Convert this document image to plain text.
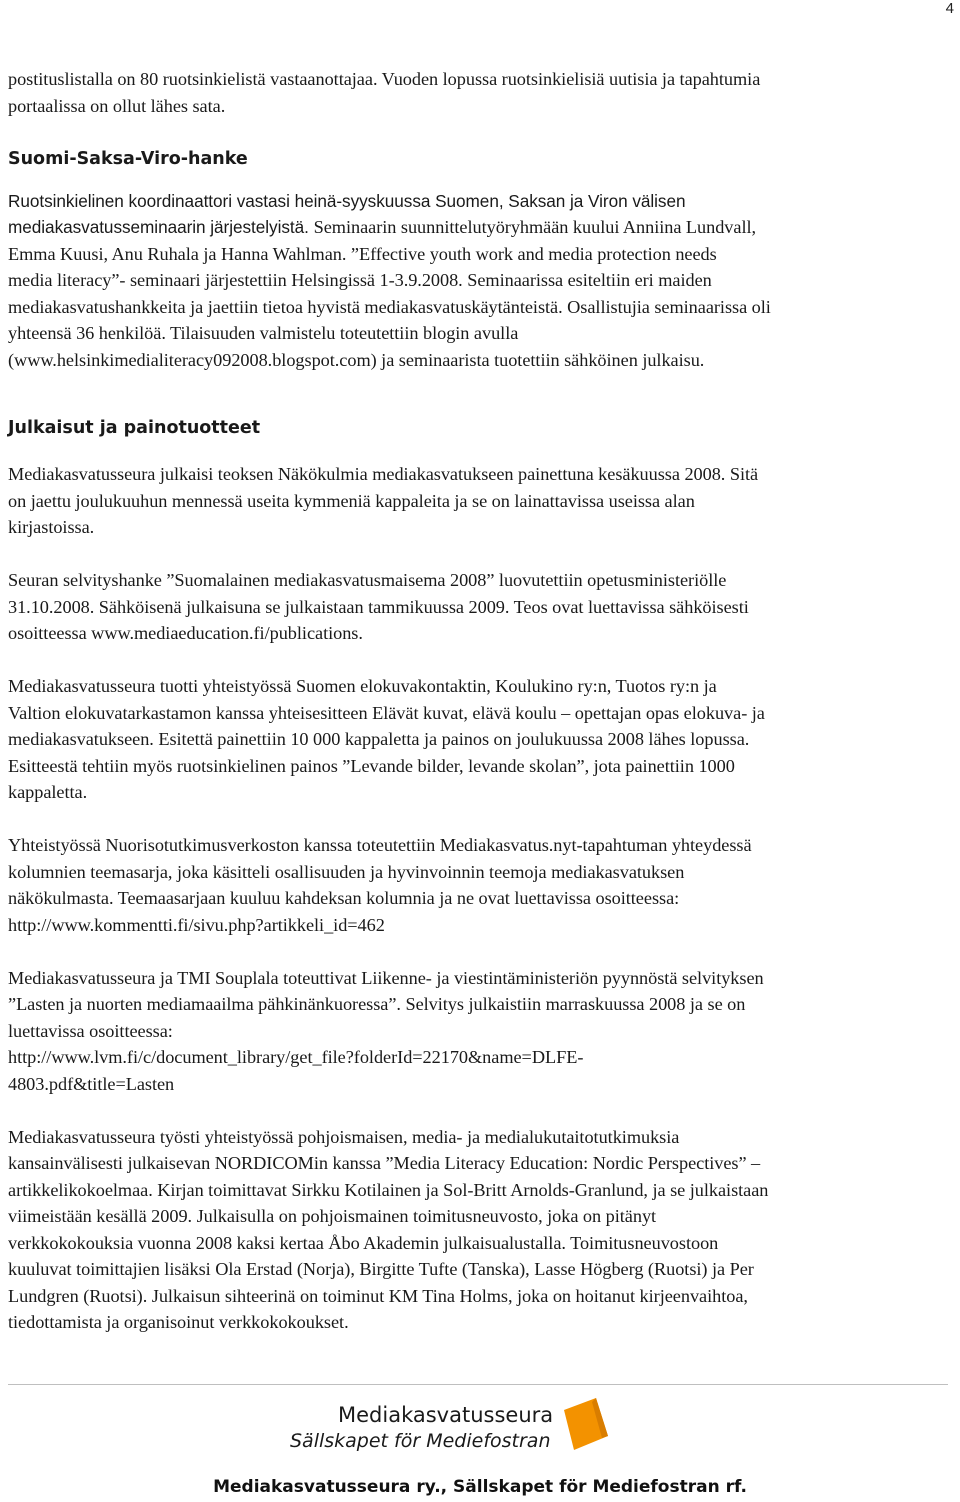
4
postituslistalla on 80 ruotsinkielistä vastaanottajaa. Vuoden lopussa ruotsinkielisiä uutisia ja tapahtumia
portaalissa on ollut lähes sata.
Suomi-Saksa-Viro-hanke
Ruotsinkielinen koordinaattori vastasi heinä-syyskuussa Suomen, Saksan ja Viron välisen
mediakasvatusseminaarin järjestelyistä. Seminaarin suunnittelutyöryhmään kuului Anniina Lundvall,
Emma Kuusi, Anu Ruhala ja Hanna Wahlman. ”Effective youth work and media protection needs
media literacy”- seminaari järjestettiin Helsingissä 1-3.9.2008. Seminaarissa esiteltiin eri maiden
mediakasvatushankkeita ja jaettiin tietoa hyvistä mediakasvatuskäytänteistä. Osallistujia seminaarissa oli
yhteensä 36 henkilöä. Tilaisuuden valmistelu toteutettiin blogin avulla
(www.helsinkimedialiteracy092008.blogspot.com) ja seminaarista tuotettiin sähköinen julkaisu.
Julkaisut ja painotuotteet
Mediakasvatusseura julkaisi teoksen Näkökulmia mediakasvatukseen painettuna kesäkuussa 2008. Sitä
on jaettu joulukuuhun mennessä useita kymmeniä kappaleita ja se on lainattavissa useissa alan
kirjastoissa.
Seuran selvityshanke ”Suomalainen mediakasvatusmaisema 2008” luovutettiin opetusministeriölle
31.10.2008. Sähköisenä julkaisuna se julkaistaan tammikuussa 2009. Teos ovat luettavissa sähköisesti
osoitteessa www.mediaeducation.fi/publications.
Mediakasvatusseura tuotti yhteistyössä Suomen elokuvakontaktin, Koulukino ry:n, Tuotos ry:n ja
Valtion elokuvatarkastamon kanssa yhteisesitteen Elävät kuvat, elävä koulu – opettajan opas elokuva- ja
mediakasvatukseen. Esitettä painettiin 10 000 kappaletta ja painos on joulukuussa 2008 lähes lopussa.
Esitteestä tehtiin myös ruotsinkielinen painos ”Levande bilder, levande skolan”, jota painettiin 1000
kappaletta.
Yhteistyössä Nuorisotutkimusverkoston kanssa toteutettiin Mediakasvatus.nyt-tapahtuman yhteydessä
kolumnien teemasarja, joka käsitteli osallisuuden ja hyvinvoinnin teemoja mediakasvatuksen
näkökulmasta. Teemaasarjaan kuuluu kahdeksan kolumnia ja ne ovat luettavissa osoitteessa:
http://www.kommentti.fi/sivu.php?artikkeli_id=462
Mediakasvatusseura ja TMI Souplala toteuttivat Liikenne- ja viestintäministeriön pyynnöstä selvityksen
”Lasten ja nuorten mediamaailma pähkinänkuoressa”. Selvitys julkaistiin marraskuussa 2008 ja se on
luettavissa osoitteessa:
http://www.lvm.fi/c/document_library/get_file?folderId=22170&name=DLFE-
4803.pdf&title=Lasten
Mediakasvatusseura työsti yhteistyössä pohjoismaisen, media- ja medialukutaitotutkimuksia
kansainvälisesti julkaisevan NORDICOMin kanssa ”Media Literacy Education: Nordic Perspectives” –
artikkelikokoelmaa. Kirjan toimittavat Sirkku Kotilainen ja Sol-Britt Arnolds-Granlund, ja se julkaistaan
viimeistään kesällä 2009. Julkaisulla on pohjoismainen toimitusneuvosto, joka on pitänyt
verkkokokouksia vuonna 2008 kaksi kertaa Åbo Akademin julkaisualustalla. Toimitusneuvostoon
kuuluvat toimittajien lisäksi Ola Erstad (Norja), Birgitte Tufte (Tanska), Lasse Högberg (Ruotsi) ja Per
Lundgren (Ruotsi). Julkaisun sihteerinä on toiminut KM Tina Holms, joka on hoitanut kirjeenvaihtoa,
tiedottamista ja organisoinut verkkokokoukset.
Mediakasvatusseura
Sällskapet för Mediefostran
Mediakasvatusseura ry., Sällskapet för Mediefostran rf.
